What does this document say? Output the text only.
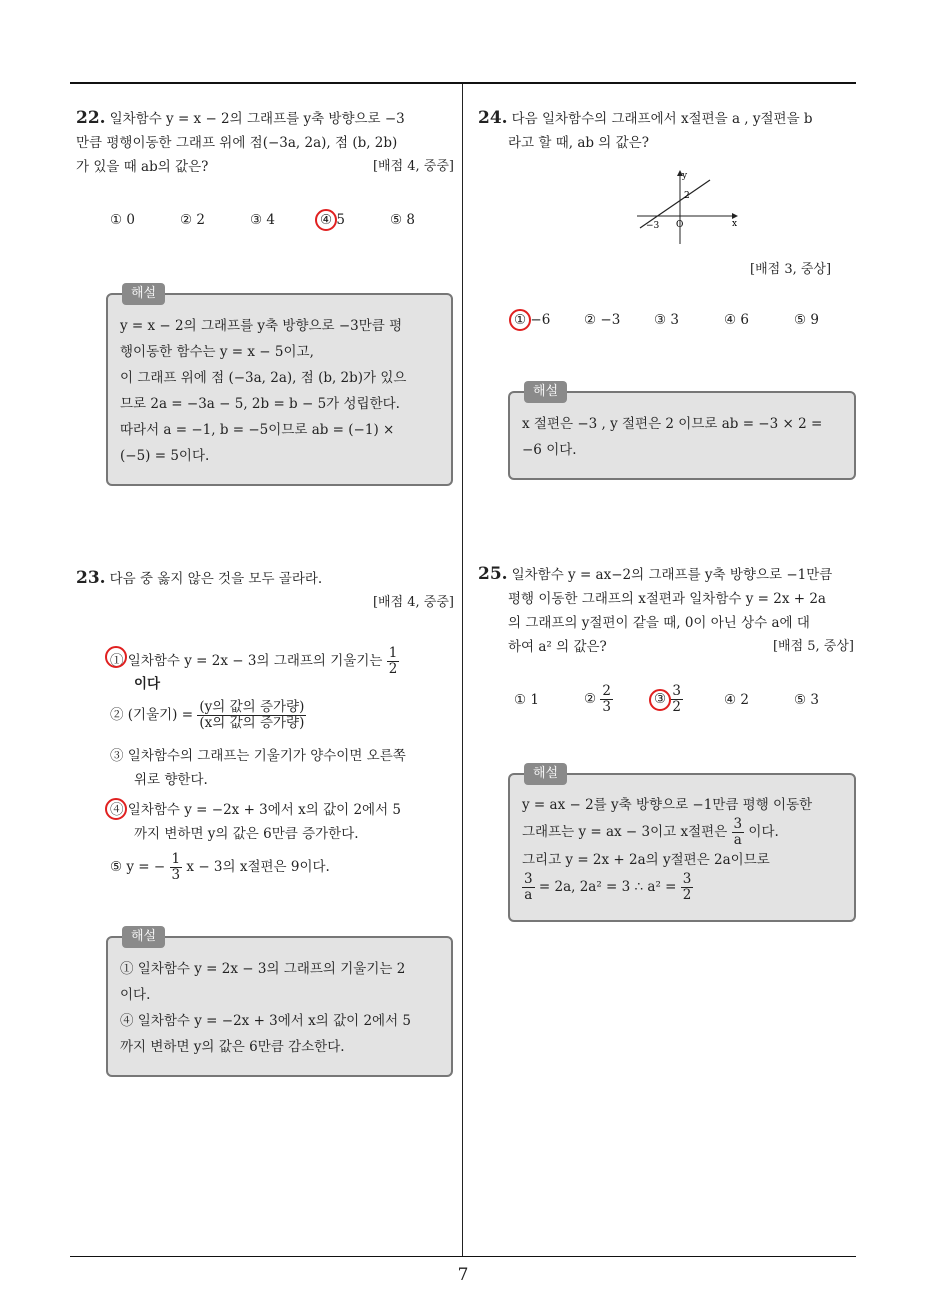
7
22. 일차함수 y = x − 2의 그래프를 y축 방향으로 −3
만큼 평행이동한 그래프 위에 점(−3a, 2a), 점 (b, 2b)
가 있을 때 ab의 값은?	[배점 4, 중중]
① 0	② 2	③ 4	④ 5	⑤ 8
해설
y = x − 2의 그래프를 y축 방향으로 −3만큼 평
행이동한 함수는 y = x − 5이고,
이 그래프 위에 점 (−3a, 2a), 점 (b, 2b)가 있으
므로 2a = −3a − 5, 2b = b − 5가 성립한다.
따라서 a = −1, b = −5이므로 ab = (−1) ×
(−5) = 5이다.
23. 다음 중 옳지 않은 것을 모두 골라라.
[배점 4, 중중]
① 일차함수 y = 2x − 3의 그래프의 기울기는 $\frac{1}{2}$
이다
② (기울기) = $\frac{\text{(y의 값의 증가량)}}{\text{(x의 값의 증가량)}}$
③ 일차함수의 그래프는 기울기가 양수이면 오른쪽
위로 향한다.
④ 일차함수 y = −2x + 3에서 x의 값이 2에서 5
까지 변하면 y의 값은 6만큼 증가한다.
⑤ y = − $\frac{1}{3}$ x − 3의 x절편은 9이다.
해설
① 일차함수 y = 2x − 3의 그래프의 기울기는 2
이다.
④ 일차함수 y = −2x + 3에서 x의 값이 2에서 5
까지 변하면 y의 값은 6만큼 감소한다.
24. 다음 일차함수의 그래프에서 x절편을 a , y절편을 b
라고 할 때, ab 의 값은?
y
x
O
−3
2
[배점 3, 중상]
① −6 ② −3 ③ 3	④ 6	⑤ 9
해설
x 절편은 −3 , y 절편은 2 이므로 ab = −3 × 2 =
−6 이다.
25. 일차함수 y = ax−2의 그래프를 y축 방향으로 −1만큼
평행 이동한 그래프의 x절편과 일차함수 y = 2x + 2a
의 그래프의 y절편이 같을 때, 0이 아닌 상수 a에 대
하여 a² 의 값은?	[배점 5, 중상]
① 1	② $\frac{2}{3}$	③ $\frac{3}{2}$	④ 2	⑤ 3
해설
y = ax − 2를 y축 방향으로 −1만큼 평행 이동한
그래프는 y = ax − 3이고 x절편은 $\frac{3}{a}$ 이다.
그리고 y = 2x + 2a의 y절편은 2a이므로
$\frac{3}{a} = 2a$, 2a² = 3 ∴ $a^2 = \frac{3}{2}$
